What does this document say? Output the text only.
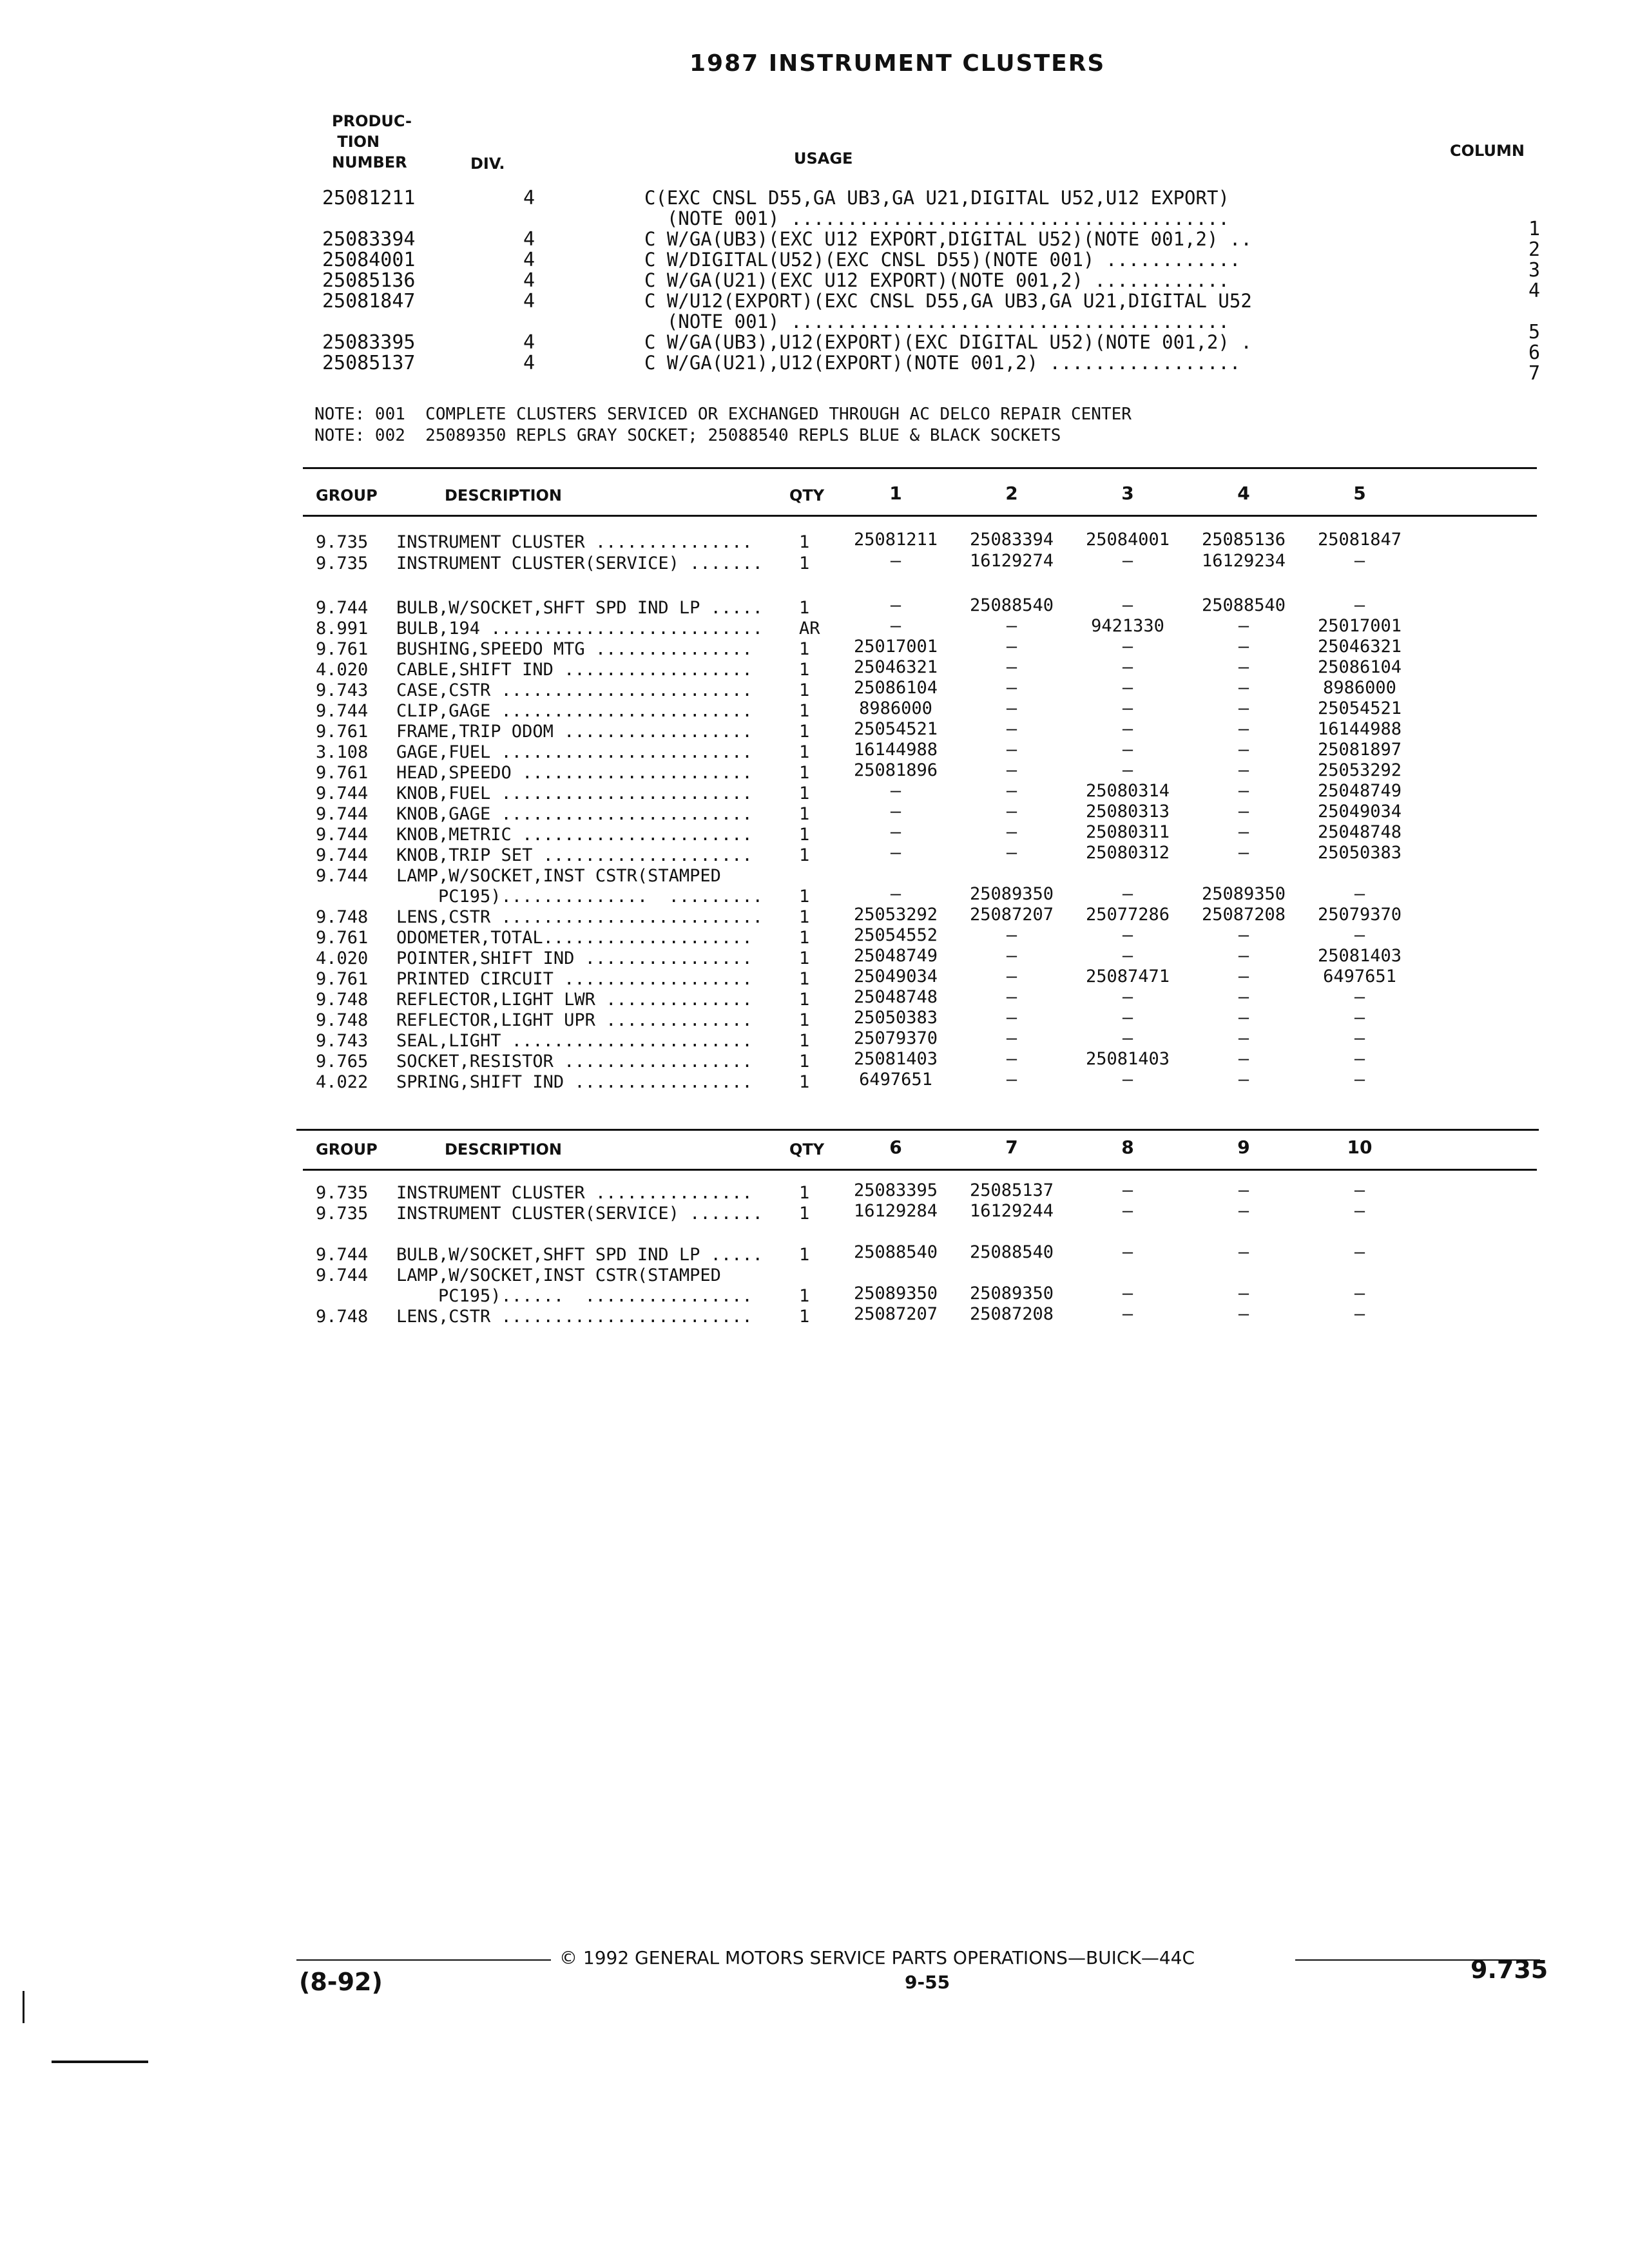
1987 INSTRUMENT CLUSTERS
PRODUC-
TION
NUMBER	DIV.	USAGE	COLUMN
25081211	4	C(EXC CNSL D55,GA UB3,GA U21,DIGITAL U52,U12 EXPORT)
(NOTE 001) .......................................	1
25083394	4	C W/GA(UB3)(EXC U12 EXPORT,DIGITAL U52)(NOTE 001,2) ..	2
25084001	4	C W/DIGITAL(U52)(EXC CNSL D55)(NOTE 001) ............	3
25085136	4	C W/GA(U21)(EXC U12 EXPORT)(NOTE 001,2) ............	4
25081847	4	C W/U12(EXPORT)(EXC CNSL D55,GA UB3,GA U21,DIGITAL U52
(NOTE 001) .......................................	5
25083395	4	C W/GA(UB3),U12(EXPORT)(EXC DIGITAL U52)(NOTE 001,2) .	6
25085137	4	C W/GA(U21),U12(EXPORT)(NOTE 001,2) .................	7
NOTE: 001  COMPLETE CLUSTERS SERVICED OR EXCHANGED THROUGH AC DELCO REPAIR CENTER
NOTE: 002  25089350 REPLS GRAY SOCKET; 25088540 REPLS BLUE & BLACK SOCKETS
GROUP	DESCRIPTION	QTY	1	2	3	4	5
9.735 INSTRUMENT CLUSTER ...............	1	25081211	25083394	25084001	25085136	25081847
9.735 INSTRUMENT CLUSTER(SERVICE) ....... 1	—	16129274	—	16129234	—
9.744 BULB,W/SOCKET,SHFT SPD IND LP ..... 1	—	25088540	—	25088540	—
8.991 BULB,194 .......................... AR	—	—	9421330	—	25017001
9.761 BUSHING,SPEEDO MTG ...............	1	25017001	—	—	—	25046321
4.020 CABLE,SHIFT IND ..................	1	25046321	—	—	—	25086104
9.743 CASE,CSTR ........................	1	25086104	—	—	—	8986000
9.744 CLIP,GAGE ........................	1	8986000	—	—	—	25054521
9.761 FRAME,TRIP ODOM ..................	1	25054521	—	—	—	16144988
3.108 GAGE,FUEL ........................	1	16144988	—	—	—	25081897
9.761 HEAD,SPEEDO ......................	1	25081896	—	—	—	25053292
9.744 KNOB,FUEL ........................	1	—	—	25080314	—	25048749
9.744 KNOB,GAGE ........................	1	—	—	25080313	—	25049034
9.744 KNOB,METRIC ......................	1	—	—	25080311	—	25048748
9.744 KNOB,TRIP SET ....................	1	—	—	25080312	—	25050383
9.744 LAMP,W/SOCKET,INST CSTR(STAMPED
PC195)..............  ......... 1	—	25089350	—	25089350	—
9.748 LENS,CSTR ......................... 1	25053292	25087207	25077286	25087208	25079370
9.761 ODOMETER,TOTAL....................	1	25054552	—	—	—	—
4.020 POINTER,SHIFT IND ................	1	25048749	—	—	—	25081403
9.761 PRINTED CIRCUIT ..................	1	25049034	—	25087471	—	6497651
9.748 REFLECTOR,LIGHT LWR ..............	1	25048748	—	—	—	—
9.748 REFLECTOR,LIGHT UPR ..............	1	25050383	—	—	—	—
9.743 SEAL,LIGHT .......................	1	25079370	—	—	—	—
9.765 SOCKET,RESISTOR ..................	1	25081403	—	25081403	—	—
4.022 SPRING,SHIFT IND .................	1	6497651	—	—	—	—
GROUP	DESCRIPTION	QTY	6	7	8	9	10
9.735 INSTRUMENT CLUSTER ...............	1	25083395	25085137	—	—	—
9.735 INSTRUMENT CLUSTER(SERVICE) ....... 1	16129284	16129244	—	—	—
9.744 BULB,W/SOCKET,SHFT SPD IND LP ..... 1	25088540	25088540	—	—	—
9.744 LAMP,W/SOCKET,INST CSTR(STAMPED
PC195)......  ................	1	25089350	25089350	—	—	—
9.748 LENS,CSTR ........................	1	25087207	25087208	—	—	—
© 1992 GENERAL MOTORS SERVICE PARTS OPERATIONS—BUICK—44C
(8-92)	9-55	9.735
